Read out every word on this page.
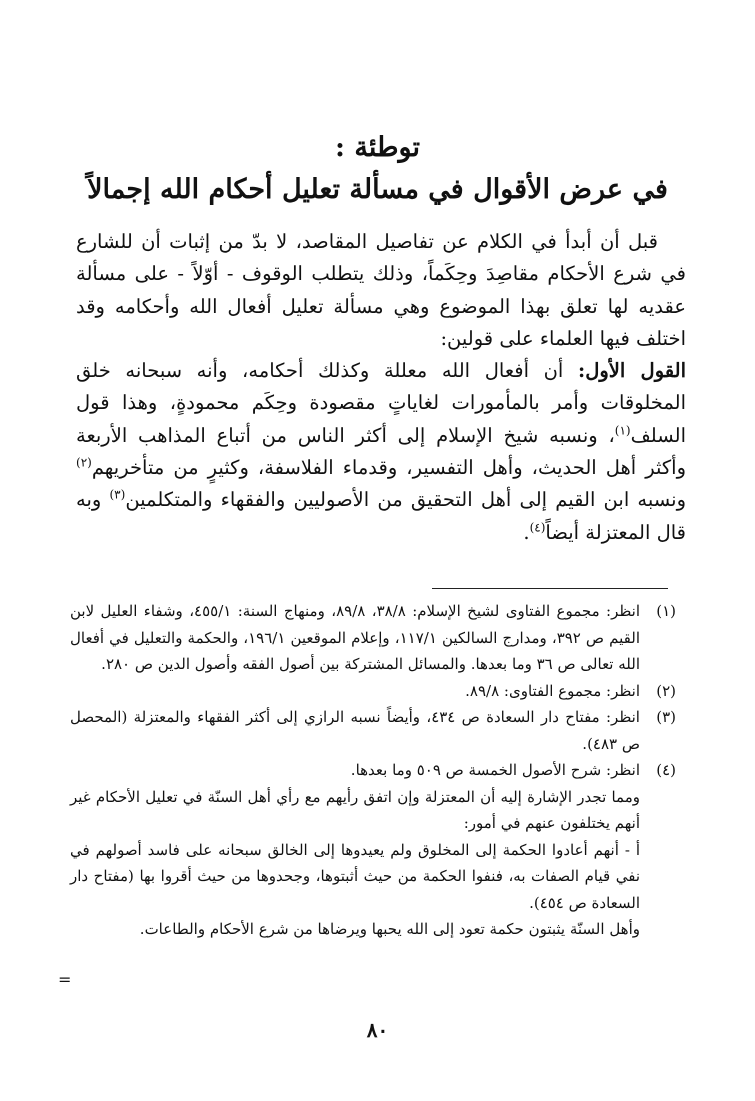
توطئة :
في عرض الأقوال في مسألة تعليل أحكام الله إجمالاً

قبل أن أبدأ في الكلام عن تفاصيل المقاصد، لا بدّ من إثبات أن للشارع في شرع الأحكام مقاصِدَ وحِكَماً، وذلك يتطلب الوقوف - أوّلاً - على مسألة عقديه لها تعلق بهذا الموضوع وهي مسألة تعليل أفعال الله وأحكامه وقد اختلف فيها العلماء على قولين:

القول الأول: أن أفعال الله معللة وكذلك أحكامه، وأنه سبحانه خلق المخلوقات وأمر بالمأمورات لغاياتٍ مقصودة وحِكَم محمودةٍ، وهذا قول السلف$^{(١)}$، ونسبه شيخ الإسلام إلى أكثر الناس من أتباع المذاهب الأربعة وأكثر أهل الحديث، وأهل التفسير، وقدماء الفلاسفة، وكثيرٍ من متأخريهم$^{(٢)}$ ونسبه ابن القيم إلى أهل التحقيق من الأصوليين والفقهاء والمتكلمين$^{(٣)}$ وبه قال المعتزلة أيضاً$^{(٤)}$.

(١)
انظر: مجموع الفتاوى لشيخ الإسلام: ٣٨/٨، ٨٩/٨، ومنهاج السنة: ٤٥٥/١، وشفاء العليل لابن القيم ص ٣٩٢، ومدارج السالكين ١١٧/١، وإعلام الموقعين ١٩٦/١، والحكمة والتعليل في أفعال الله تعالى ص ٣٦ وما بعدها. والمسائل المشتركة بين أصول الفقه وأصول الدين ص ٢٨٠.
(٢)
انظر: مجموع الفتاوى: ٨٩/٨.
(٣)
انظر: مفتاح دار السعادة ص ٤٣٤، وأيضاً نسبه الرازي إلى أكثر الفقهاء والمعتزلة (المحصل ص ٤٨٣).
(٤)
انظر: شرح الأصول الخمسة ص ٥٠٩ وما بعدها.

ومما تجدر الإشارة إليه أن المعتزلة وإن اتفق رأيهم مع رأي أهل السنّة في تعليل الأحكام غير أنهم يختلفون عنهم في أمور:

أ - أنهم أعادوا الحكمة إلى المخلوق ولم يعيدوها إلى الخالق سبحانه على فاسد أصولهم في نفي قيام الصفات به، فنفوا الحكمة من حيث أثبتوها، وجحدوها من حيث أقروا بها (مفتاح دار السعادة ص ٤٥٤).

وأهل السنّة يثبتون حكمة تعود إلى الله يحبها ويرضاها من شرع الأحكام والطاعات.

=
٨٠
